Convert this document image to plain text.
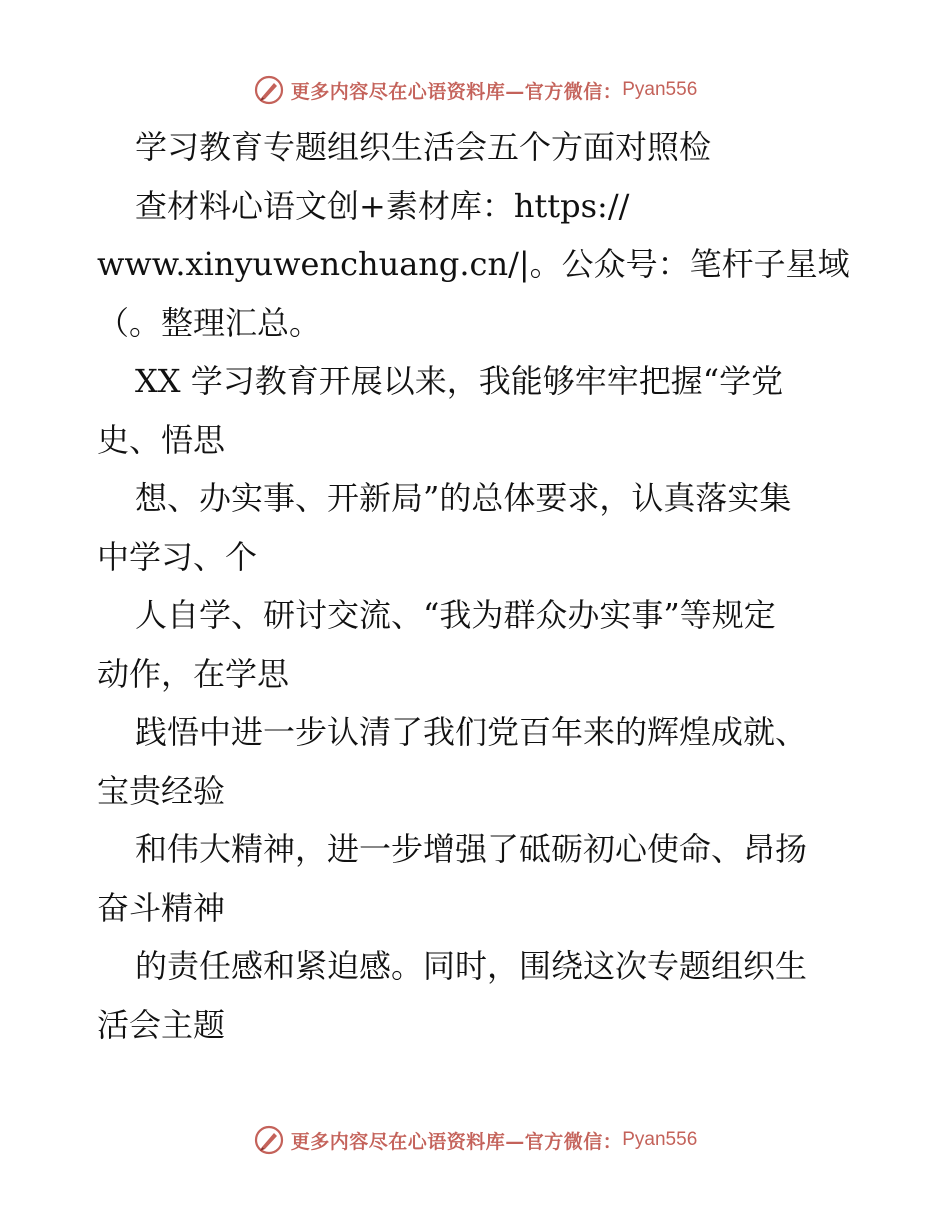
更多内容尽在心语资料库—官方微信： Pyan556
学习教育专题组织生活会五个方面对照检
查材料心语文创+素材库：https://
www.xinyuwenchuang.cn/|。公众号：笔杆子星域
（。整理汇总。
XX 学习教育开展以来，我能够牢牢把握“学党
史、悟思
想、办实事、开新局”的总体要求，认真落实集
中学习、个
人自学、研讨交流、“我为群众办实事”等规定
动作，在学思
践悟中进一步认清了我们党百年来的辉煌成就、
宝贵经验
和伟大精神，进一步增强了砥砺初心使命、昂扬
奋斗精神
的责任感和紧迫感。同时，围绕这次专题组织生
活会主题
更多内容尽在心语资料库—官方微信： Pyan556
